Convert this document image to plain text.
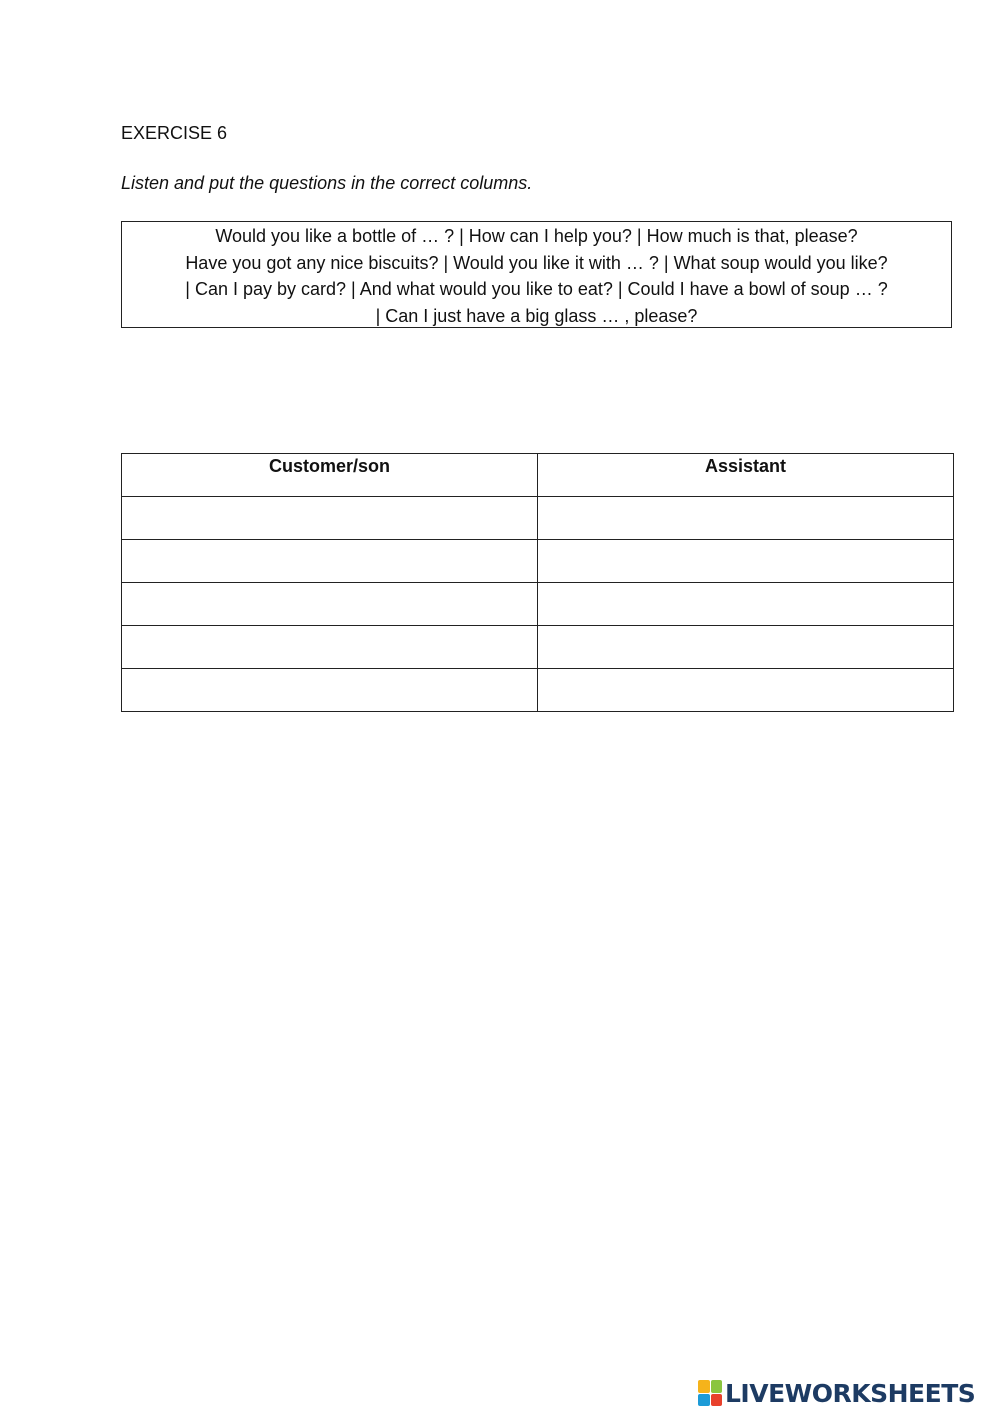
EXERCISE 6
Listen and put the questions in the correct columns.
Would you like a bottle of … ? | How can I help you? | How much is that, please?
Have you got any nice biscuits? | Would you like it with … ? | What soup would you like?
| Can I pay by card? | And what would you like to eat? | Could I have a bowl of soup … ?
| Can I just have a big glass … , please?
Customer/son	Assistant

LIVEWORKSHEETS
